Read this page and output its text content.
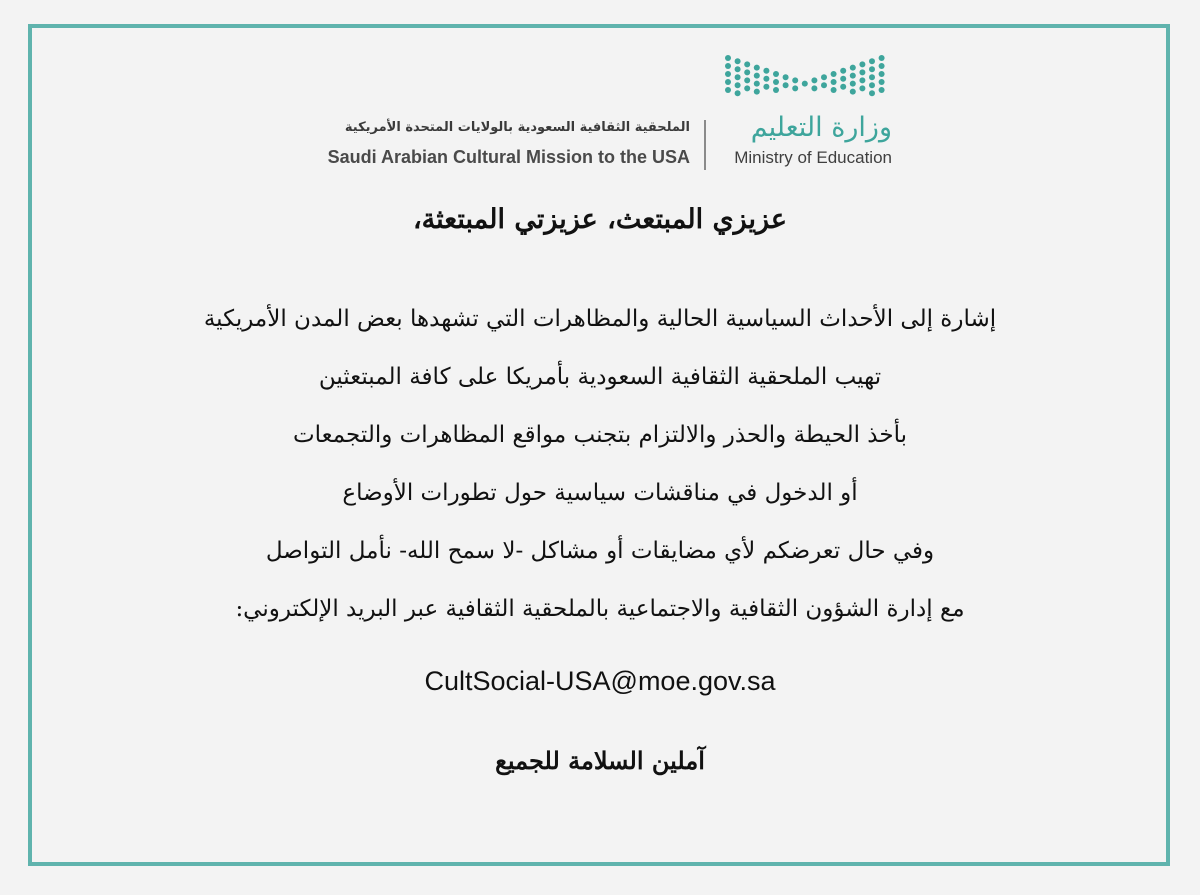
وزارة التعليم
Ministry of Education
الملحقية الثقافية السعودية بالولايات المتحدة الأمريكية
Saudi Arabian Cultural Mission to the USA
عزيزي المبتعث، عزيزتي المبتعثة،
إشارة إلى الأحداث السياسية الحالية والمظاهرات التي تشهدها بعض المدن الأمريكية
تهيب الملحقية الثقافية السعودية بأمريكا على كافة المبتعثين
بأخذ الحيطة والحذر والالتزام بتجنب مواقع المظاهرات والتجمعات
أو الدخول في مناقشات سياسية حول تطورات الأوضاع
وفي حال تعرضكم لأي مضايقات أو مشاكل -لا سمح الله- نأمل التواصل
مع إدارة الشؤون الثقافية والاجتماعية بالملحقية الثقافية عبر البريد الإلكتروني:
CultSocial-USA@moe.gov.sa
آملين السلامة للجميع
